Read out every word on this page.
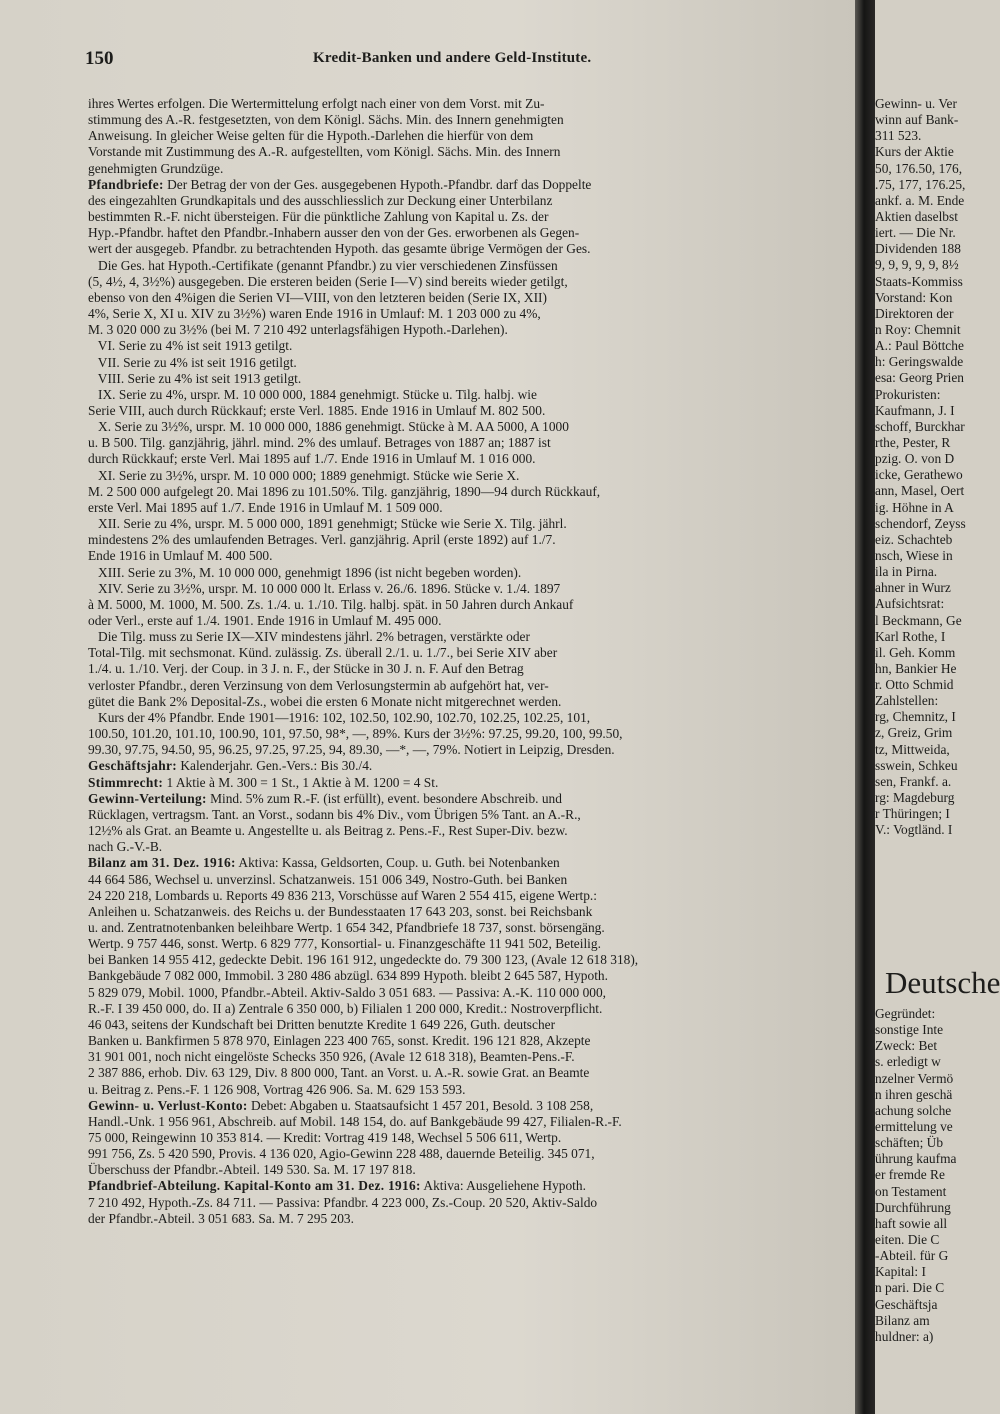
150	Kredit-Banken und andere Geld-Institute.
ihres Wertes erfolgen. Die Wertermittelung erfolgt nach einer von dem Vorst. mit Zu-
stimmung des A.-R. festgesetzten, von dem Königl. Sächs. Min. des Innern genehmigten
Anweisung. In gleicher Weise gelten für die Hypoth.-Darlehen die hierfür von dem
Vorstande mit Zustimmung des A.-R. aufgestellten, vom Königl. Sächs. Min. des Innern
genehmigten Grundzüge.
Pfandbriefe: Der Betrag der von der Ges. ausgegebenen Hypoth.-Pfandbr. darf das Doppelte
des eingezahlten Grundkapitals und des ausschliesslich zur Deckung einer Unterbilanz
bestimmten R.-F. nicht übersteigen. Für die pünktliche Zahlung von Kapital u. Zs. der
Hyp.-Pfandbr. haftet den Pfandbr.-Inhabern ausser den von der Ges. erworbenen als Gegen-
wert der ausgegeb. Pfandbr. zu betrachtenden Hypoth. das gesamte übrige Vermögen der Ges.
Die Ges. hat Hypoth.-Certifikate (genannt Pfandbr.) zu vier verschiedenen Zinsfüssen
(5, 4½, 4, 3½%) ausgegeben. Die ersteren beiden (Serie I—V) sind bereits wieder getilgt,
ebenso von den 4%igen die Serien VI—VIII, von den letzteren beiden (Serie IX, XII)
4%, Serie X, XI u. XIV zu 3½%) waren Ende 1916 in Umlauf: M. 1 203 000 zu 4%,
M. 3 020 000 zu 3½% (bei M. 7 210 492 unterlagsfähigen Hypoth.-Darlehen).
VI. Serie zu 4% ist seit 1913 getilgt.
VII. Serie zu 4% ist seit 1916 getilgt.
VIII. Serie zu 4% ist seit 1913 getilgt.
IX. Serie zu 4%, urspr. M. 10 000 000, 1884 genehmigt. Stücke u. Tilg. halbj. wie
Serie VIII, auch durch Rückkauf; erste Verl. 1885. Ende 1916 in Umlauf M. 802 500.
X. Serie zu 3½%, urspr. M. 10 000 000, 1886 genehmigt. Stücke à M. AA 5000, A 1000
u. B 500. Tilg. ganzjährig, jährl. mind. 2% des umlauf. Betrages von 1887 an; 1887 ist
durch Rückkauf; erste Verl. Mai 1895 auf 1./7. Ende 1916 in Umlauf M. 1 016 000.
XI. Serie zu 3½%, urspr. M. 10 000 000; 1889 genehmigt. Stücke wie Serie X.
M. 2 500 000 aufgelegt 20. Mai 1896 zu 101.50%. Tilg. ganzjährig, 1890—94 durch Rückkauf,
erste Verl. Mai 1895 auf 1./7. Ende 1916 in Umlauf M. 1 509 000.
XII. Serie zu 4%, urspr. M. 5 000 000, 1891 genehmigt; Stücke wie Serie X. Tilg. jährl.
mindestens 2% des umlaufenden Betrages. Verl. ganzjährig. April (erste 1892) auf 1./7.
Ende 1916 in Umlauf M. 400 500.
XIII. Serie zu 3%, M. 10 000 000, genehmigt 1896 (ist nicht begeben worden).
XIV. Serie zu 3½%, urspr. M. 10 000 000 lt. Erlass v. 26./6. 1896. Stücke v. 1./4. 1897
à M. 5000, M. 1000, M. 500. Zs. 1./4. u. 1./10. Tilg. halbj. spät. in 50 Jahren durch Ankauf
oder Verl., erste auf 1./4. 1901. Ende 1916 in Umlauf M. 495 000.
Die Tilg. muss zu Serie IX—XIV mindestens jährl. 2% betragen, verstärkte oder
Total-Tilg. mit sechsmonat. Künd. zulässig. Zs. überall 2./1. u. 1./7., bei Serie XIV aber
1./4. u. 1./10. Verj. der Coup. in 3 J. n. F., der Stücke in 30 J. n. F. Auf den Betrag
verloster Pfandbr., deren Verzinsung von dem Verlosungstermin ab aufgehört hat, ver-
gütet die Bank 2% Deposital-Zs., wobei die ersten 6 Monate nicht mitgerechnet werden.
Kurs der 4% Pfandbr. Ende 1901—1916: 102, 102.50, 102.90, 102.70, 102.25, 102.25, 101,
100.50, 101.20, 101.10, 100.90, 101, 97.50, 98*, —, 89%. Kurs der 3½%: 97.25, 99.20, 100, 99.50,
99.30, 97.75, 94.50, 95, 96.25, 97.25, 97.25, 94, 89.30, —*, —, 79%. Notiert in Leipzig, Dresden.
Geschäftsjahr: Kalenderjahr. Gen.-Vers.: Bis 30./4.
Stimmrecht: 1 Aktie à M. 300 = 1 St., 1 Aktie à M. 1200 = 4 St.
Gewinn-Verteilung: Mind. 5% zum R.-F. (ist erfüllt), event. besondere Abschreib. und
Rücklagen, vertragsm. Tant. an Vorst., sodann bis 4% Div., vom Übrigen 5% Tant. an A.-R.,
12½% als Grat. an Beamte u. Angestellte u. als Beitrag z. Pens.-F., Rest Super-Div. bezw.
nach G.-V.-B.
Bilanz am 31. Dez. 1916: Aktiva: Kassa, Geldsorten, Coup. u. Guth. bei Notenbanken
44 664 586, Wechsel u. unverzinsl. Schatzanweis. 151 006 349, Nostro-Guth. bei Banken
24 220 218, Lombards u. Reports 49 836 213, Vorschüsse auf Waren 2 554 415, eigene Wertp.:
Anleihen u. Schatzanweis. des Reichs u. der Bundesstaaten 17 643 203, sonst. bei Reichsbank
u. and. Zentratnotenbanken beleihbare Wertp. 1 654 342, Pfandbriefe 18 737, sonst. börsengäng.
Wertp. 9 757 446, sonst. Wertp. 6 829 777, Konsortial- u. Finanzgeschäfte 11 941 502, Beteilig.
bei Banken 14 955 412, gedeckte Debit. 196 161 912, ungedeckte do. 79 300 123, (Avale 12 618 318),
Bankgebäude 7 082 000, Immobil. 3 280 486 abzügl. 634 899 Hypoth. bleibt 2 645 587, Hypoth.
5 829 079, Mobil. 1000, Pfandbr.-Abteil. Aktiv-Saldo 3 051 683. — Passiva: A.-K. 110 000 000,
R.-F. I 39 450 000, do. II a) Zentrale 6 350 000, b) Filialen 1 200 000, Kredit.: Nostroverpflicht.
46 043, seitens der Kundschaft bei Dritten benutzte Kredite 1 649 226, Guth. deutscher
Banken u. Bankfirmen 5 878 970, Einlagen 223 400 765, sonst. Kredit. 196 121 828, Akzepte
31 901 001, noch nicht eingelöste Schecks 350 926, (Avale 12 618 318), Beamten-Pens.-F.
2 387 886, erhob. Div. 63 129, Div. 8 800 000, Tant. an Vorst. u. A.-R. sowie Grat. an Beamte
u. Beitrag z. Pens.-F. 1 126 908, Vortrag 426 906. Sa. M. 629 153 593.
Gewinn- u. Verlust-Konto: Debet: Abgaben u. Staatsaufsicht 1 457 201, Besold. 3 108 258,
Handl.-Unk. 1 956 961, Abschreib. auf Mobil. 148 154, do. auf Bankgebäude 99 427, Filialen-R.-F.
75 000, Reingewinn 10 353 814. — Kredit: Vortrag 419 148, Wechsel 5 506 611, Wertp.
991 756, Zs. 5 420 590, Provis. 4 136 020, Agio-Gewinn 228 488, dauernde Beteilig. 345 071,
Überschuss der Pfandbr.-Abteil. 149 530. Sa. M. 17 197 818.
Pfandbrief-Abteilung. Kapital-Konto am 31. Dez. 1916: Aktiva: Ausgeliehene Hypoth.
7 210 492, Hypoth.-Zs. 84 711. — Passiva: Pfandbr. 4 223 000, Zs.-Coup. 20 520, Aktiv-Saldo
der Pfandbr.-Abteil. 3 051 683. Sa. M. 7 295 203.
Gewinn- u. Ver
winn auf Bank-
311 523.
Kurs der Aktie
50, 176.50, 176,
.75, 177, 176.25,
ankf. a. M. Ende
Aktien daselbst
iert. — Die Nr.
Dividenden 188
9, 9, 9, 9, 9, 8½
Staats-Kommiss
Vorstand: Kon
Direktoren der
n Roy: Chemnit
A.: Paul Böttche
h: Geringswalde
esa: Georg Prien
Prokuristen:
Kaufmann, J. I
schoff, Burckhar
rthe, Pester, R
pzig. O. von D
icke, Gerathewo
ann, Masel, Oert
ig. Höhne in A
schendorf, Zeyss
eiz. Schachteb
nsch, Wiese in
ila in Pirna.
ahner in Wurz
Aufsichtsrat:
l Beckmann, Ge
Karl Rothe, I
il. Geh. Komm
hn, Bankier He
r. Otto Schmid
Zahlstellen:
rg, Chemnitz, I
z, Greiz, Grim
tz, Mittweida,
sswein, Schkeu
sen, Frankf. a.
rg: Magdeburg
r Thüringen; I
V.: Vogtländ. I
Deutsche
Gegründet:
sonstige Inte
Zweck: Bet
s. erledigt w
nzelner Vermö
n ihren geschä
achung solche
ermittelung ve
schäften; Üb
ührung kaufma
er fremde Re
on Testament
Durchführung
haft sowie all
eiten. Die C
-Abteil. für G
Kapital: I
n pari. Die C
Geschäftsja
Bilanz am
huldner: a)
